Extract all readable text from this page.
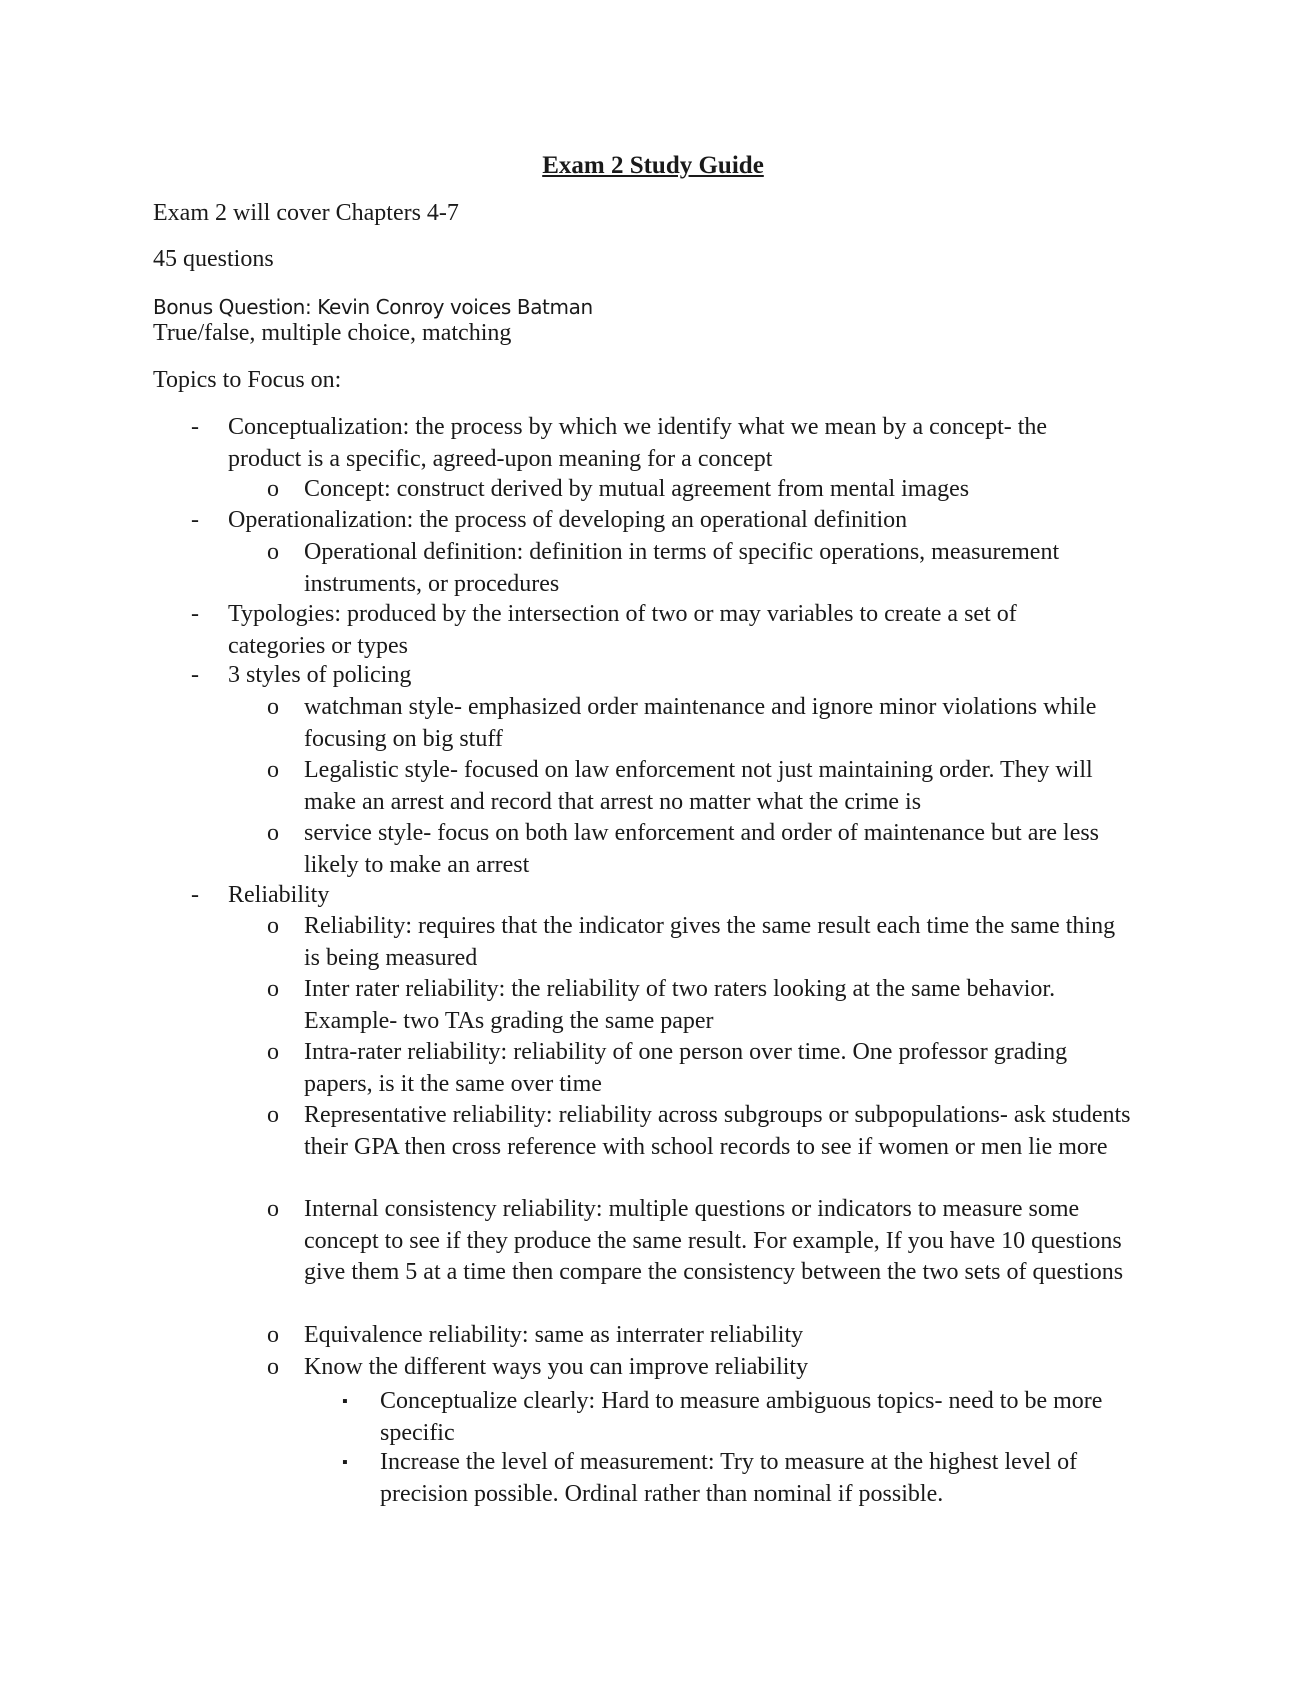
Exam 2 Study Guide
Exam 2 will cover Chapters 4-7
45 questions
Bonus Question: Kevin Conroy voices Batman
True/false, multiple choice, matching
Topics to Focus on:
- Conceptualization: the process by which we identify what we mean by a concept- the product is a specific, agreed-upon meaning for a concept
o Concept: construct derived by mutual agreement from mental images
- Operationalization: the process of developing an operational definition
o Operational definition: definition in terms of specific operations, measurement instruments, or procedures
- Typologies: produced by the intersection of two or may variables to create a set of categories or types
- 3 styles of policing
o watchman style- emphasized order maintenance and ignore minor violations while focusing on big stuff
o Legalistic style- focused on law enforcement not just maintaining order. They will make an arrest and record that arrest no matter what the crime is
o service style- focus on both law enforcement and order of maintenance but are less likely to make an arrest
- Reliability
o Reliability: requires that the indicator gives the same result each time the same thing is being measured
o Inter rater reliability: the reliability of two raters looking at the same behavior. Example- two TAs grading the same paper
o Intra-rater reliability: reliability of one person over time. One professor grading papers, is it the same over time
o Representative reliability: reliability across subgroups or subpopulations- ask students their GPA then cross reference with school records to see if women or men lie more
o Internal consistency reliability: multiple questions or indicators to measure some concept to see if they produce the same result. For example, If you have 10 questions give them 5 at a time then compare the consistency between the two sets of questions
o Equivalence reliability: same as interrater reliability
o Know the different ways you can improve reliability
▪ Conceptualize clearly: Hard to measure ambiguous topics- need to be more specific
▪ Increase the level of measurement: Try to measure at the highest level of precision possible. Ordinal rather than nominal if possible.
